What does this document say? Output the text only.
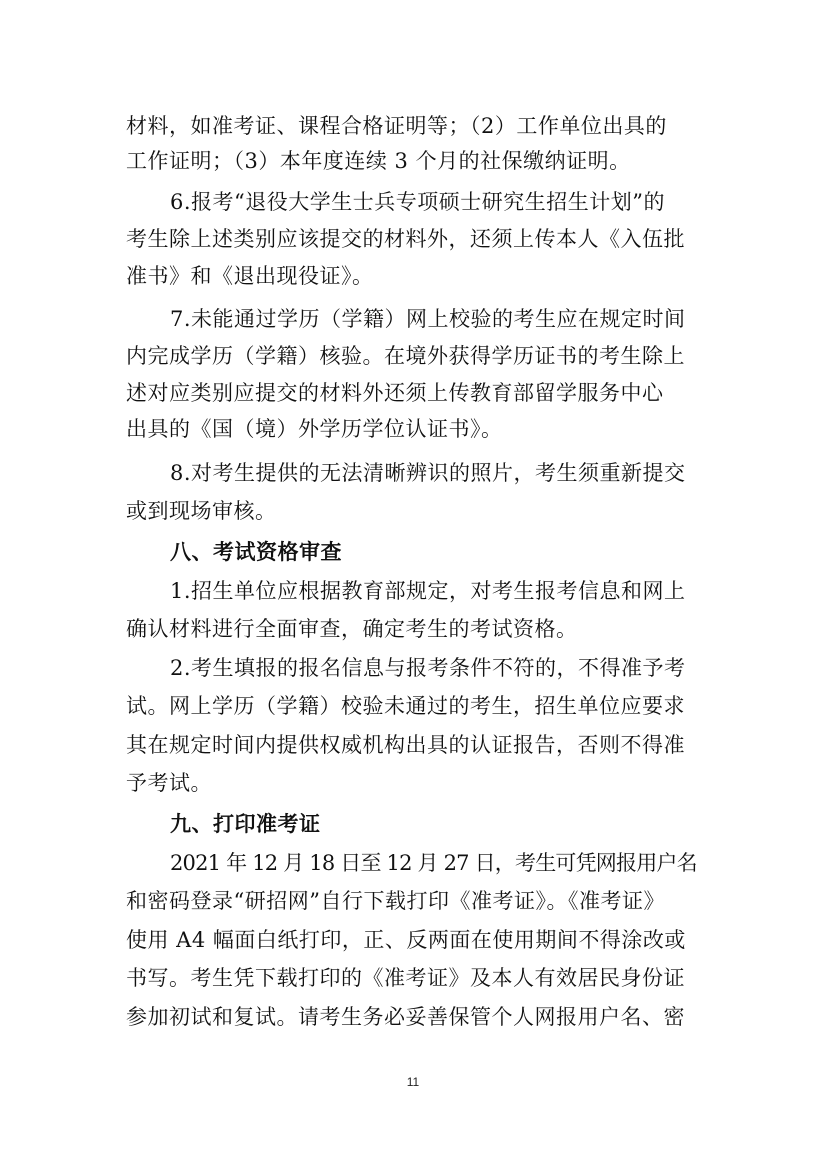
材料，如准考证、课程合格证明等；（2）工作单位出具的
工作证明；（3）本年度连续 3 个月的社保缴纳证明。
6.报考“退役大学生士兵专项硕士研究生招生计划”的
考生除上述类别应该提交的材料外，还须上传本人《入伍批
准书》和《退出现役证》。
7.未能通过学历（学籍）网上校验的考生应在规定时间
内完成学历（学籍）核验。在境外获得学历证书的考生除上
述对应类别应提交的材料外还须上传教育部留学服务中心
出具的《国（境）外学历学位认证书》。
8.对考生提供的无法清晰辨识的照片，考生须重新提交
或到现场审核。
八、考试资格审查
1.招生单位应根据教育部规定，对考生报考信息和网上
确认材料进行全面审查，确定考生的考试资格。
2.考生填报的报名信息与报考条件不符的，不得准予考
试。网上学历（学籍）校验未通过的考生，招生单位应要求
其在规定时间内提供权威机构出具的认证报告，否则不得准
予考试。
九、打印准考证
2021 年 12 月 18 日至 12 月 27 日，考生可凭网报用户名
和密码登录“研招网”自行下载打印《准考证》。《准考证》
使用 A4 幅面白纸打印，正、反两面在使用期间不得涂改或
书写。考生凭下载打印的《准考证》及本人有效居民身份证
参加初试和复试。请考生务必妥善保管个人网报用户名、密
11
